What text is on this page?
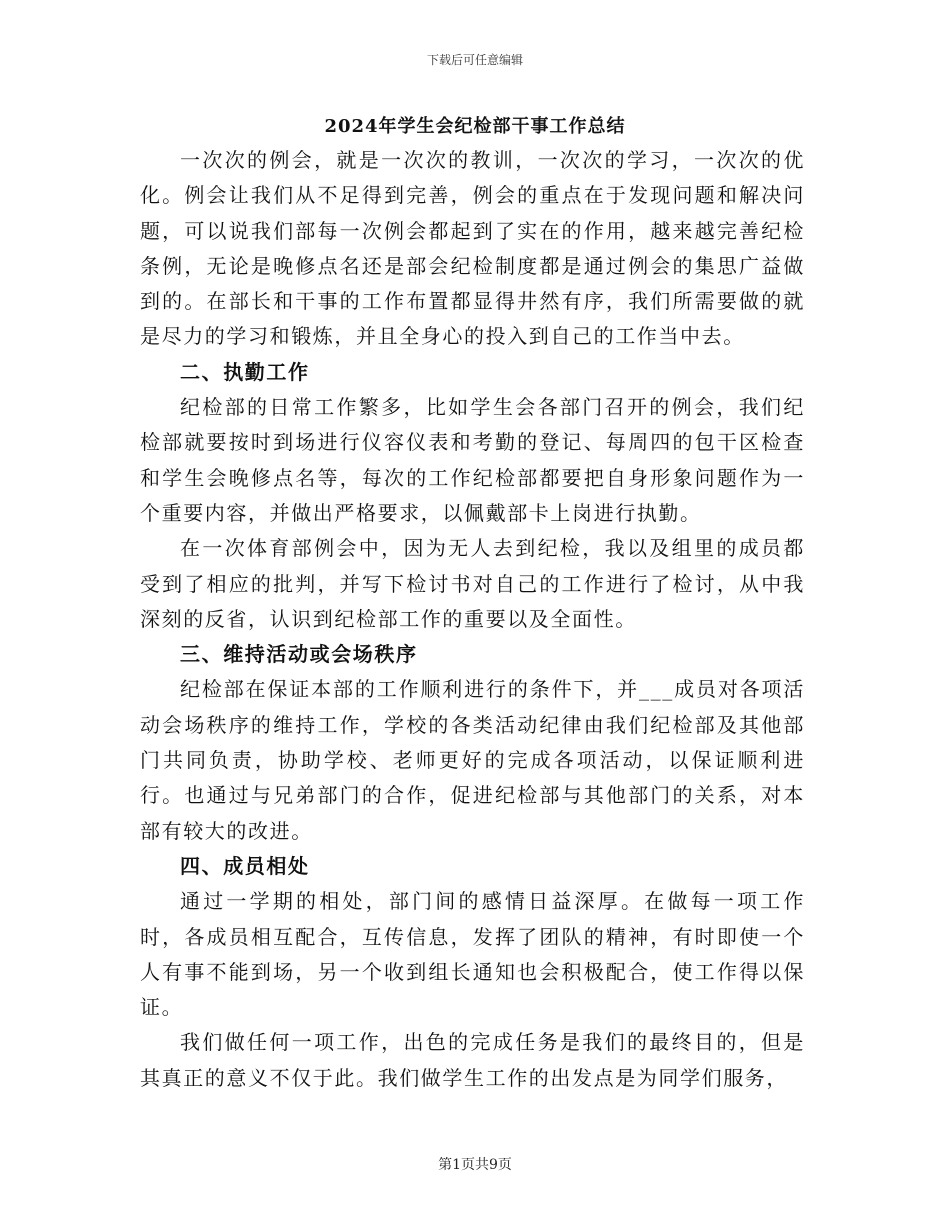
下载后可任意编辑
2024年学生会纪检部干事工作总结

一次次的例会，就是一次次的教训，一次次的学习，一次次的优化。例会让我们从不足得到完善，例会的重点在于发现问题和解决问题，可以说我们部每一次例会都起到了实在的作用，越来越完善纪检条例，无论是晚修点名还是部会纪检制度都是通过例会的集思广益做到的。在部长和干事的工作布置都显得井然有序，我们所需要做的就是尽力的学习和锻炼，并且全身心的投入到自己的工作当中去。

二、执勤工作

纪检部的日常工作繁多，比如学生会各部门召开的例会，我们纪检部就要按时到场进行仪容仪表和考勤的登记、每周四的包干区检查和学生会晚修点名等，每次的工作纪检部都要把自身形象问题作为一个重要内容，并做出严格要求，以佩戴部卡上岗进行执勤。

在一次体育部例会中，因为无人去到纪检，我以及组里的成员都受到了相应的批判，并写下检讨书对自己的工作进行了检讨，从中我深刻的反省，认识到纪检部工作的重要以及全面性。

三、维持活动或会场秩序

纪检部在保证本部的工作顺利进行的条件下，并___成员对各项活动会场秩序的维持工作，学校的各类活动纪律由我们纪检部及其他部门共同负责，协助学校、老师更好的完成各项活动，以保证顺利进行。也通过与兄弟部门的合作，促进纪检部与其他部门的关系，对本部有较大的改进。

四、成员相处

通过一学期的相处，部门间的感情日益深厚。在做每一项工作时，各成员相互配合，互传信息，发挥了团队的精神，有时即使一个人有事不能到场，另一个收到组长通知也会积极配合，使工作得以保证。

我们做任何一项工作，出色的完成任务是我们的最终目的，但是其真正的意义不仅于此。我们做学生工作的出发点是为同学们服务，

第1页共9页
